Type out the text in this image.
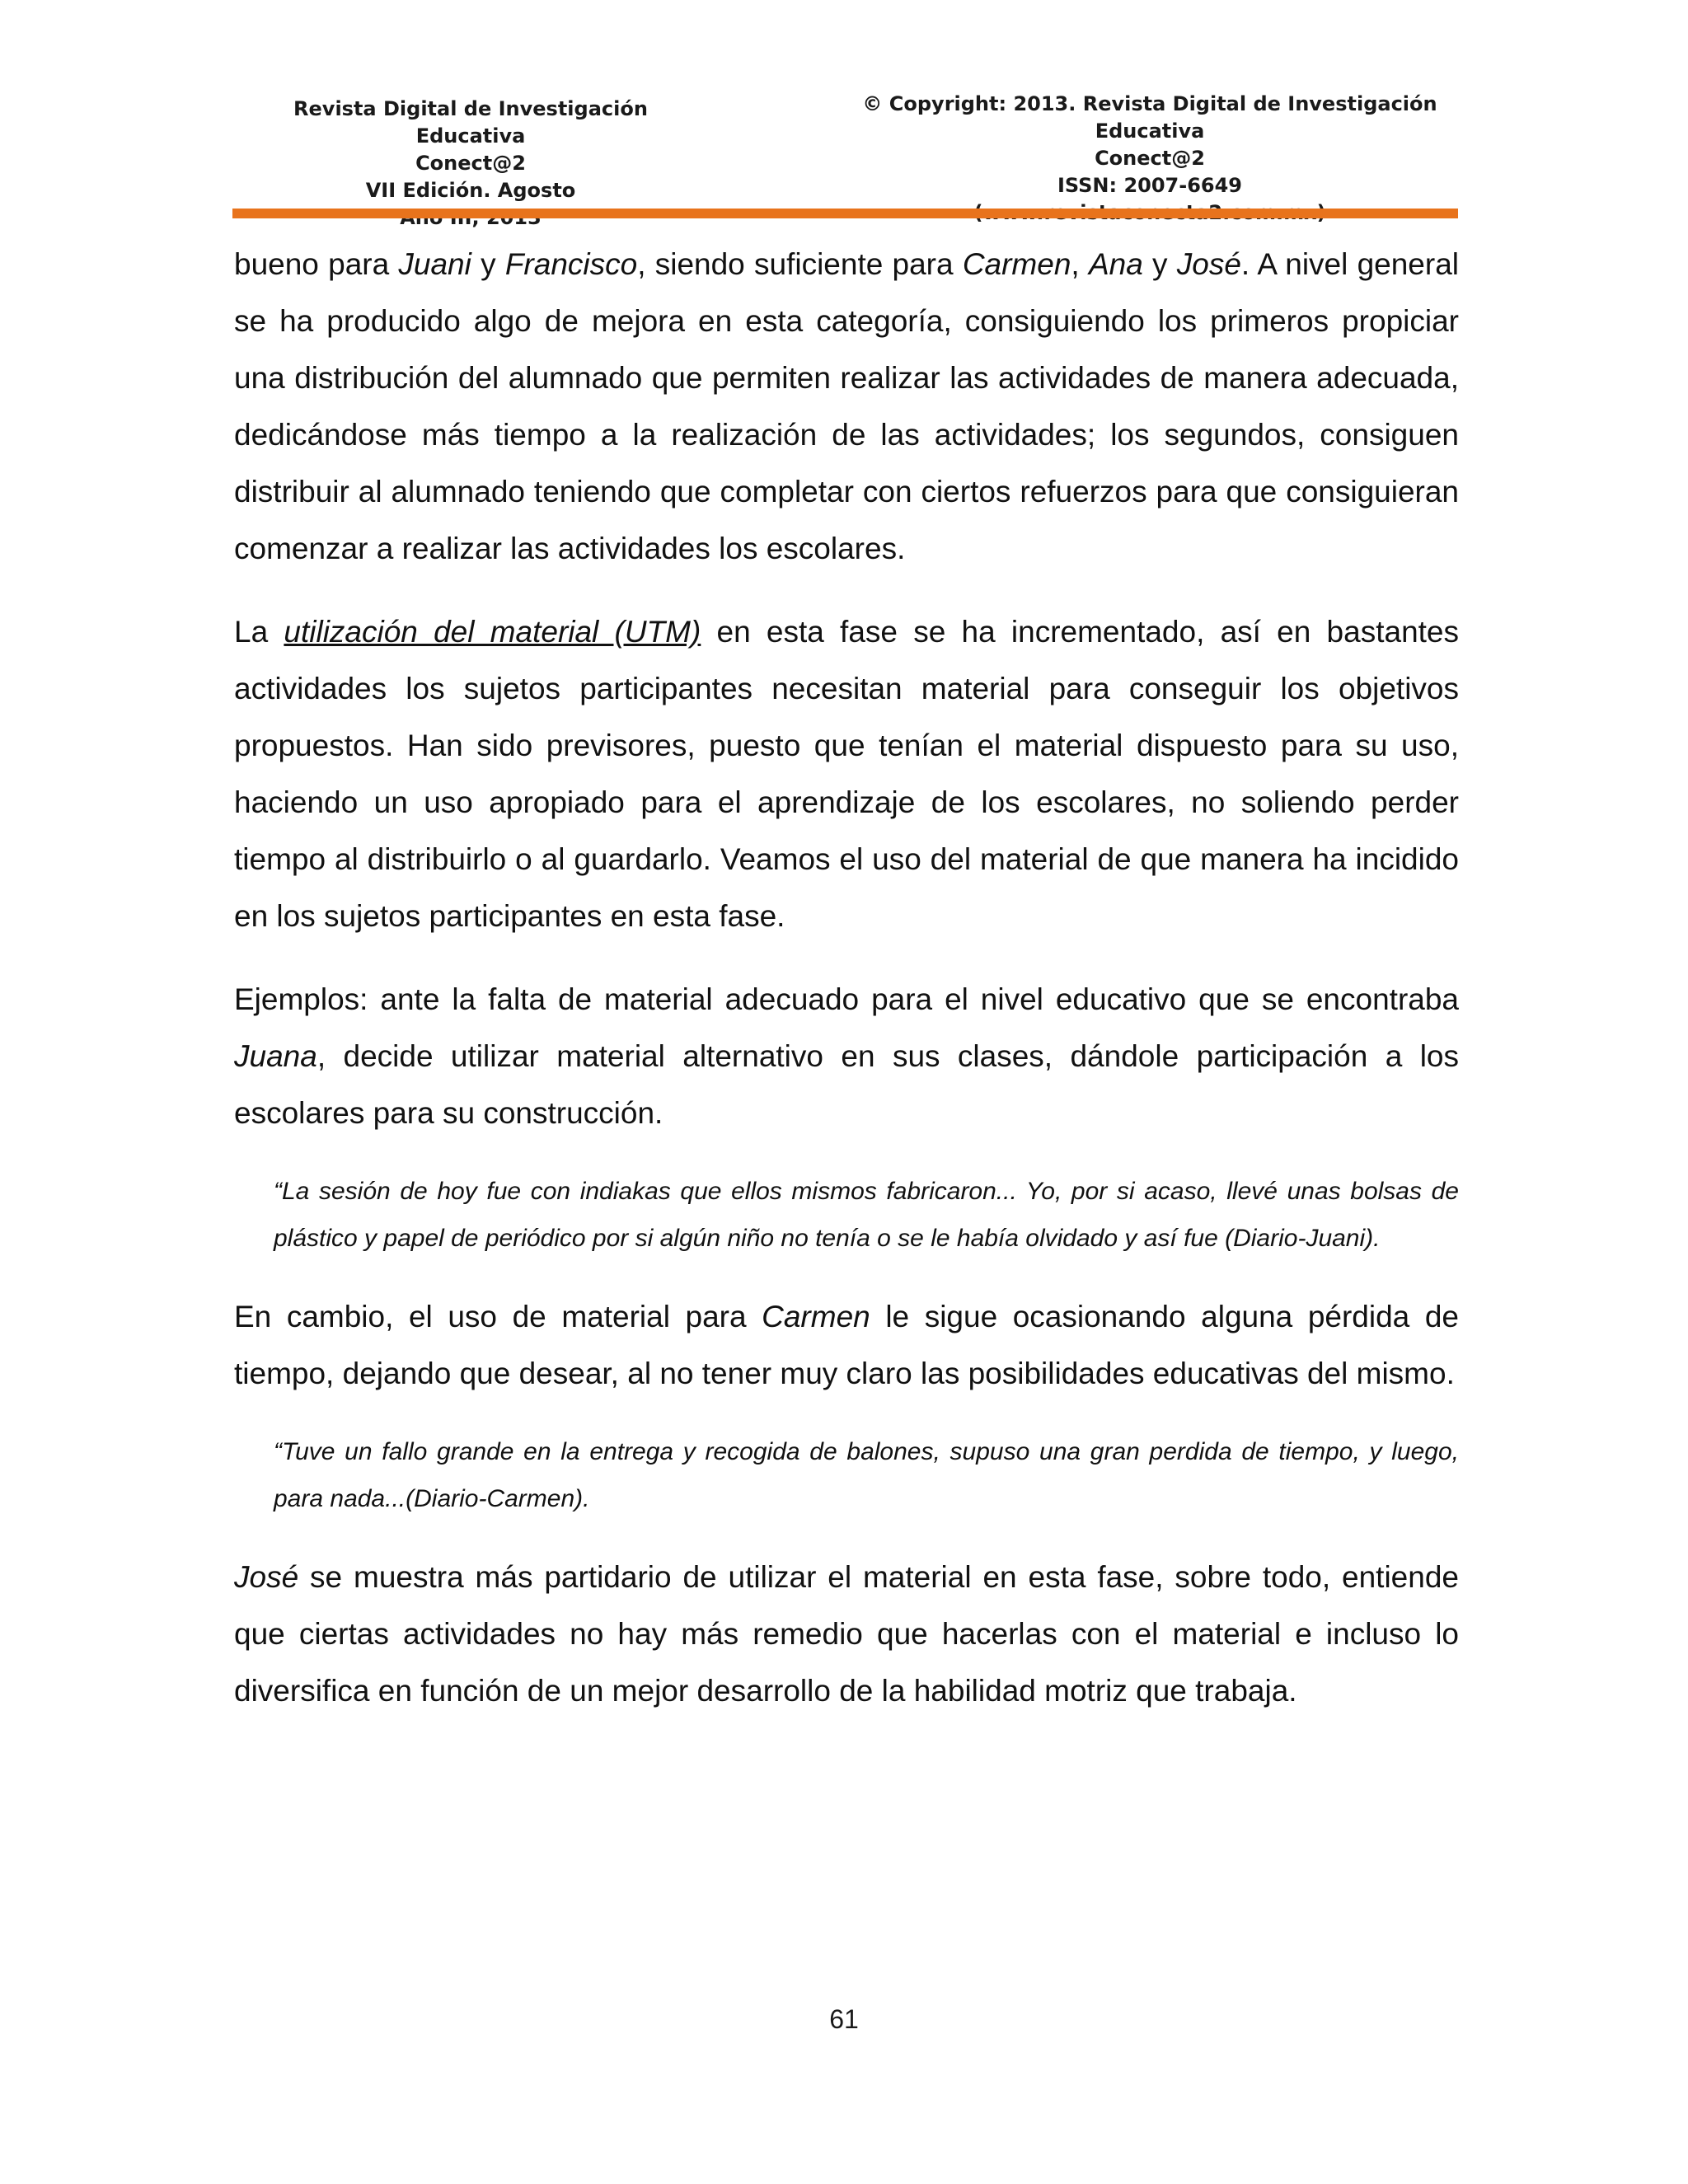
Revista Digital de Investigación Educativa
Conect@2
VII Edición. Agosto
© Copyright: 2013. Revista Digital de Investigación Educativa
Conect@2
ISSN: 2007-6649

bueno para Juani y Francisco, siendo suficiente para Carmen, Ana y José. A nivel general se ha producido algo de mejora en esta categoría, consiguiendo los primeros propiciar una distribución del alumnado que permiten realizar las actividades de manera adecuada, dedicándose más tiempo a la realización de las actividades; los segundos, consiguen distribuir al alumnado teniendo que completar con ciertos refuerzos para que consiguieran comenzar a realizar las actividades los escolares.

La utilización del material (UTM) en esta fase se ha incrementado, así en bastantes actividades los sujetos participantes necesitan material para conseguir los objetivos propuestos. Han sido previsores, puesto que tenían el material dispuesto para su uso, haciendo un uso apropiado para el aprendizaje de los escolares, no soliendo perder tiempo al distribuirlo o al guardarlo. Veamos el uso del material de que manera ha incidido en los sujetos participantes en esta fase.

Ejemplos: ante la falta de material adecuado para el nivel educativo que se encontraba Juana, decide utilizar material alternativo en sus clases, dándole participación a los escolares para su construcción.

“La sesión de hoy fue con indiakas que ellos mismos fabricaron... Yo, por si acaso, llevé unas bolsas de plástico y papel de periódico por si algún niño no tenía o se le había olvidado y así fue (Diario-Juani).

En cambio, el uso de material para Carmen le sigue ocasionando alguna pérdida de tiempo, dejando que desear, al no tener muy claro las posibilidades educativas del mismo.

“Tuve un fallo grande en la entrega y recogida de balones, supuso una gran perdida de tiempo, y luego, para nada...(Diario-Carmen).

José se muestra más partidario de utilizar el material en esta fase, sobre todo, entiende que ciertas actividades no hay más remedio que hacerlas con el material e incluso lo diversifica en función de un mejor desarrollo de la habilidad motriz que trabaja.

61
